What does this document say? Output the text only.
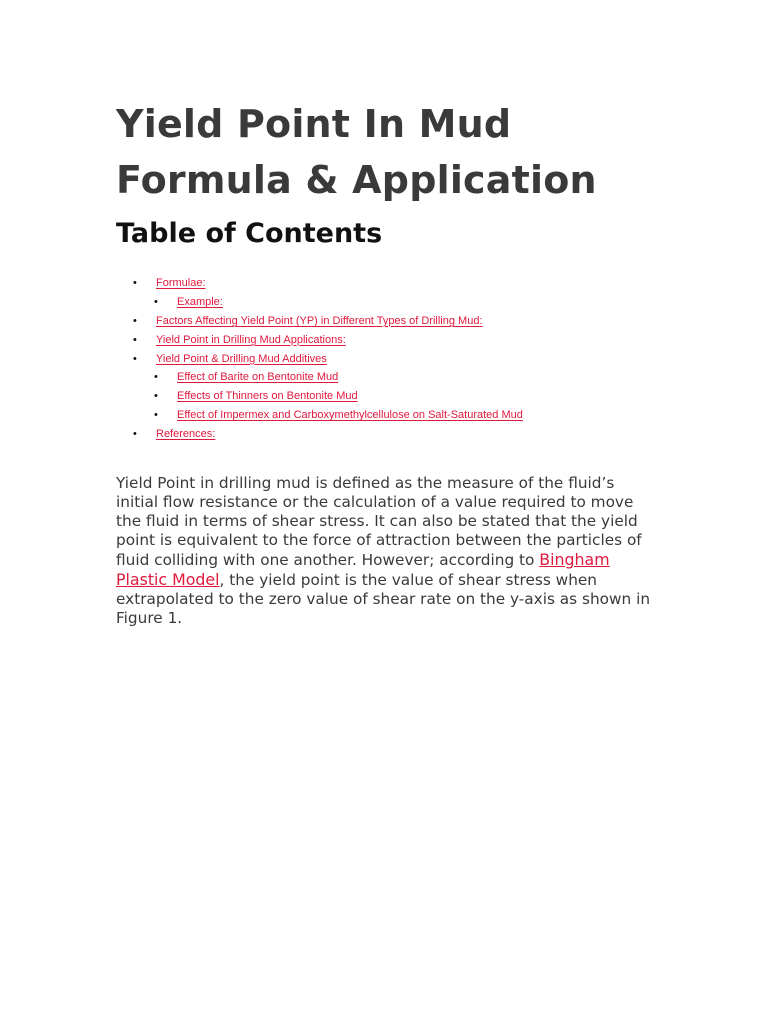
Yield Point In Mud
Formula & Application
Table of Contents
• Formulae:
• Example:
• Factors Affecting Yield Point (YP) in Different Types of Drilling Mud:
• Yield Point in Drilling Mud Applications:
• Yield Point & Drilling Mud Additives
• Effect of Barite on Bentonite Mud
• Effects of Thinners on Bentonite Mud
• Effect of Impermex and Carboxymethylcellulose on Salt-Saturated Mud
• References:

Yield Point in drilling mud is defined as the measure of the fluid’s initial flow resistance or the calculation of a value required to move the fluid in terms of shear stress. It can also be stated that the yield point is equivalent to the force of attraction between the particles of fluid colliding with one another. However; according to Bingham Plastic Model, the yield point is the value of shear stress when extrapolated to the zero value of shear rate on the y-axis as shown in Figure 1.
